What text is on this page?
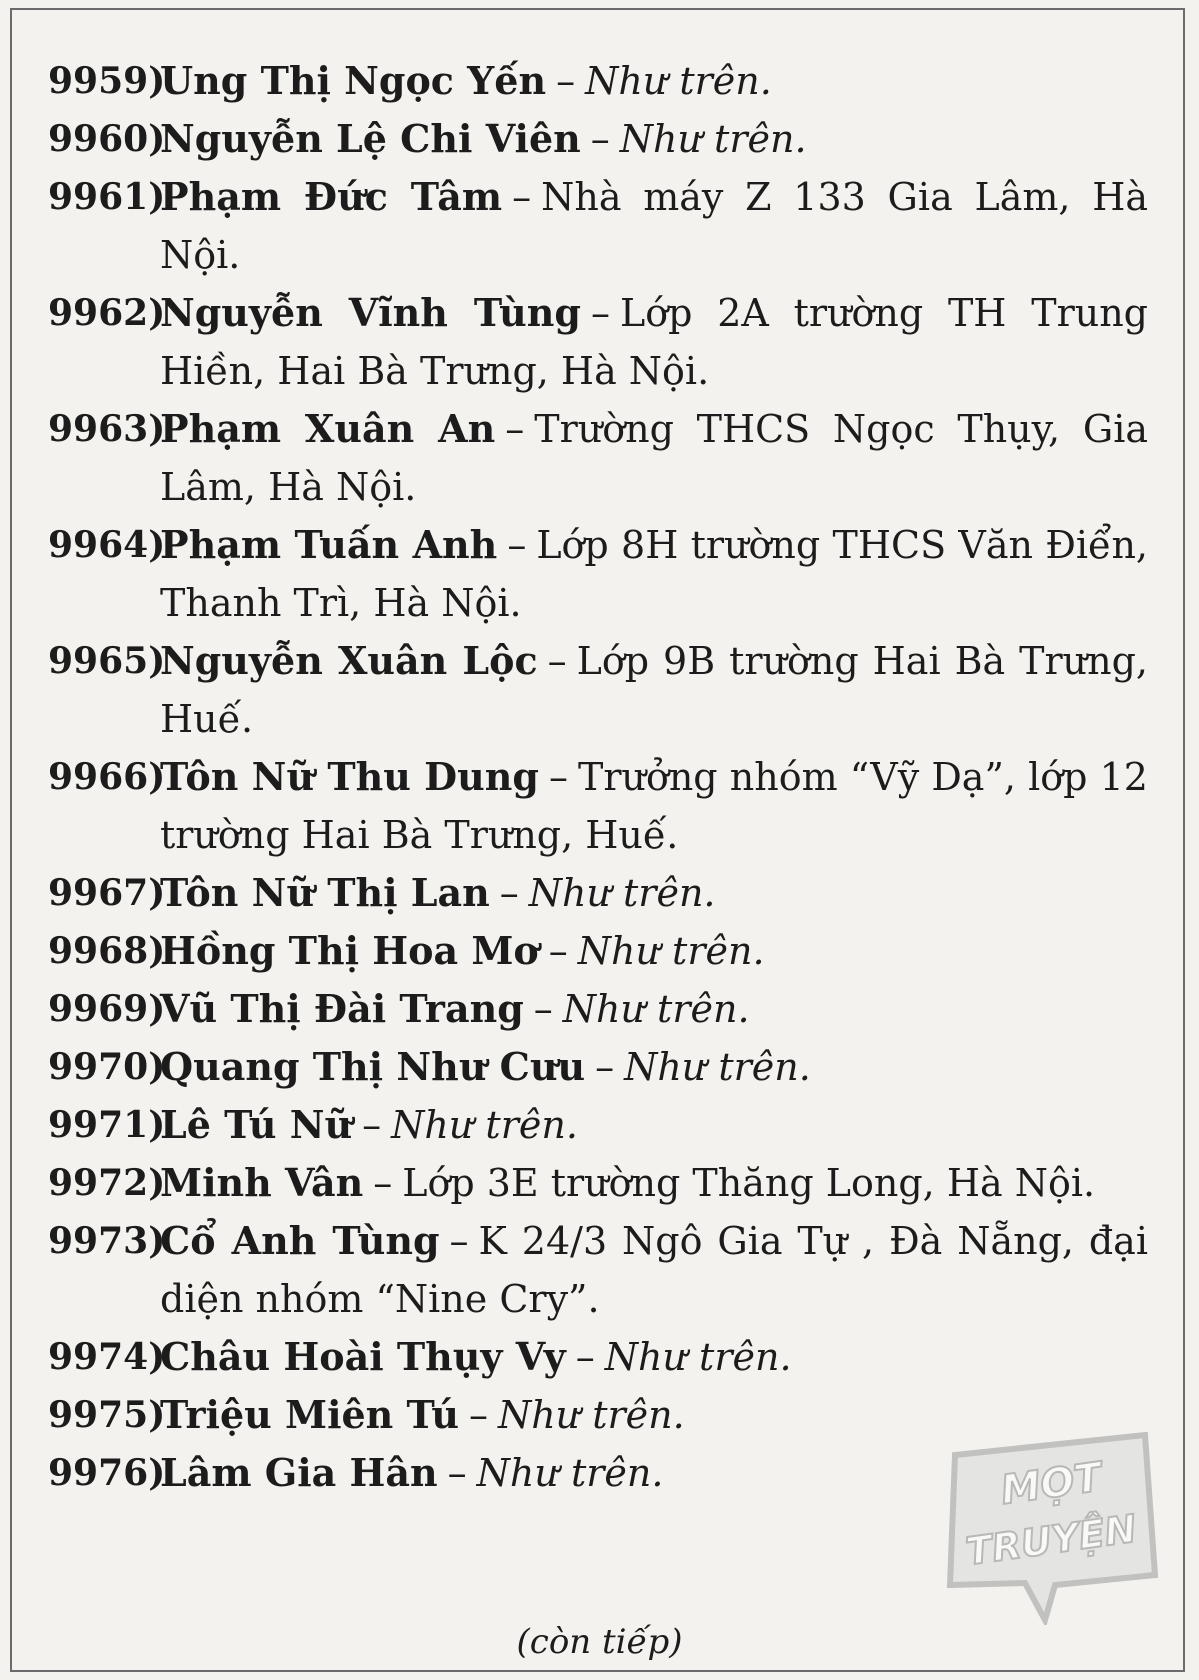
9959)
Ung Thị Ngọc Yến – Như trên.
9960)
Nguyễn Lệ Chi Viên – Như trên.
9961)
Phạm Đức Tâm – Nhà máy Z 133 Gia Lâm, Hà Nội.
9962)
Nguyễn Vĩnh Tùng – Lớp 2A trường TH Trung Hiền, Hai Bà Trưng, Hà Nội.
9963)
Phạm Xuân An – Trường THCS Ngọc Thụy, Gia Lâm, Hà Nội.
9964)
Phạm Tuấn Anh – Lớp 8H trường THCS Văn Điển, Thanh Trì, Hà Nội.
9965)
Nguyễn Xuân Lộc – Lớp 9B trường Hai Bà Trưng, Huế.
9966)
Tôn Nữ Thu Dung – Trưởng nhóm “Vỹ Dạ”, lớp 12 trường Hai Bà Trưng, Huế.
9967)
Tôn Nữ Thị Lan – Như trên.
9968)
Hồng Thị Hoa Mơ – Như trên.
9969)
Vũ Thị Đài Trang – Như trên.
9970)
Quang Thị Như Cưu – Như trên.
9971)
Lê Tú Nữ – Như trên.
9972)
Minh Vân – Lớp 3E trường Thăng Long, Hà Nội.
9973)
Cổ Anh Tùng – K 24/3 Ngô Gia Tự , Đà Nẵng, đại diện nhóm “Nine Cry”.
9974)
Châu Hoài Thụy Vy – Như trên.
9975)
Triệu Miên Tú – Như trên.
9976)
Lâm Gia Hân – Như trên.
(còn tiếp)
MỌT
TRUYỆN
